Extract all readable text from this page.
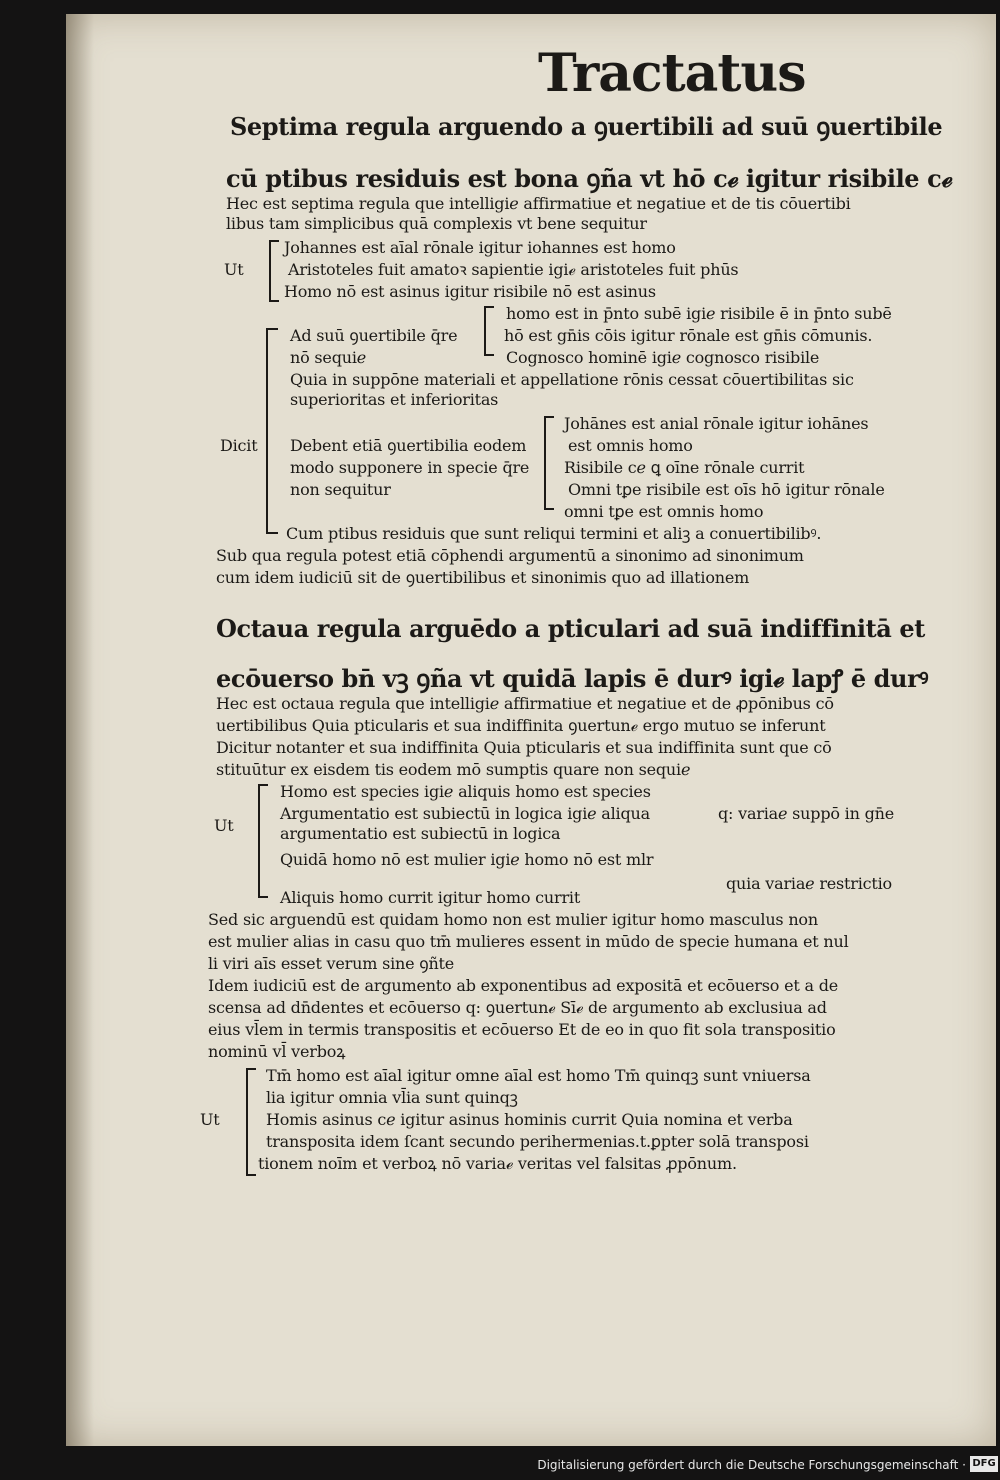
Tractatus
Septima regula arguendo a ꝯuertibili ad suū ꝯuertibile
cū ptibus residuis est bona ꝯña vt hō cℯ igitur risibile cℯ
Hec est septima regula que intelligiℯ affirmatiue et negatiue et de tis cōuertibi
libus tam simplicibus quā complexis vt bene sequitur
Johannes est aīal rōnale igitur iohannes est homo
Ut	Aristoteles fuit amatoꝛ sapientie igiℯ aristoteles fuit phūs
Homo nō est asinus igitur risibile nō est asinus
homo est in p̄nto subē igiℯ risibile ē in p̄nto subē
Ad suū ꝯuertibile q̄re	hō est gn̄is cōis igitur rōnale est gn̄is cōmunis.
nō sequiℯ	Cognosco hominē igiℯ cognosco risibile
Quia in suppōne materiali et appellatione rōnis cessat cōuertibilitas sic
superioritas et inferioritas
Johānes est anial rōnale igitur iohānes
Dicit Debent etiā ꝯuertibilia eodem	est omnis homo
modo supponere in specie q̄re Risibile cℯ ꝗ oīne rōnale currit
non sequitur	Omni tꝑe risibile est oīs hō igitur rōnale
omni tꝑe est omnis homo
Cum ptibus residuis que sunt reliqui termini et aliꝫ a conuertibilibꝰ.
Sub qua regula potest etiā cōphendi argumentū a sinonimo ad sinonimum
cum idem iudiciū sit de ꝯuertibilibus et sinonimis quo ad illationem
Octaua regula arguēdo a pticulari ad suā indiffinitā et
ecōuerso bn̄ vꝫ ꝯña vt quidā lapis ē durꝰ igiℯ lapꝭ ē durꝰ
Hec est octaua regula que intelligiℯ affirmatiue et negatiue et de ꝓpōnibus cō
uertibilibus Quia pticularis et sua indiffinita ꝯuertunℯ ergo mutuo se inferunt
Dicitur notanter et sua indiffinita Quia pticularis et sua indiffinita sunt que cō
stituūtur ex eisdem tis eodem mō sumptis quare non sequiℯ
Homo est species igiℯ aliquis homo est species
Argumentatio est subiectū in logica igiℯ aliqua	q: variaℯ suppō in gn̄e
Ut	argumentatio est subiectū in logica
Quidā homo nō est mulier igiℯ homo nō est mlr
quia variaℯ restrictio
Aliquis homo currit igitur homo currit
Sed sic arguendū est quidam homo non est mulier igitur homo masculus non
est mulier alias in casu quo tm̄ mulieres essent in mūdo de specie humana et nul
li viri aīs esset verum sine ꝯñte
Idem iudiciū est de argumento ab exponentibus ad expositā et ecōuerso et a de
scensa ad dn̄dentes et ecōuerso q: ꝯuertunℯ Sīℯ de argumento ab exclusiua ad
eius vl̄em in termis transpositis et ecōuerso Et de eo in quo fit sola transpositio
nominū vl̄ verboꝝ
Tm̄ homo est aīal igitur omne aīal est homo Tm̄ quinqꝫ sunt vniuersa
lia igitur omnia vl̄ia sunt quinqꝫ
Ut	Homis asinus cℯ igitur asinus hominis currit Quia nomina et verba
transposita idem ſcant secundo perihermenias.t.ꝑpter solā transposi
tionem noīm et verboꝝ nō variaℯ veritas vel falsitas ꝓpōnum.
Digitalisierung gefördert durch die Deutsche Forschungsgemeinschaft · DFG
